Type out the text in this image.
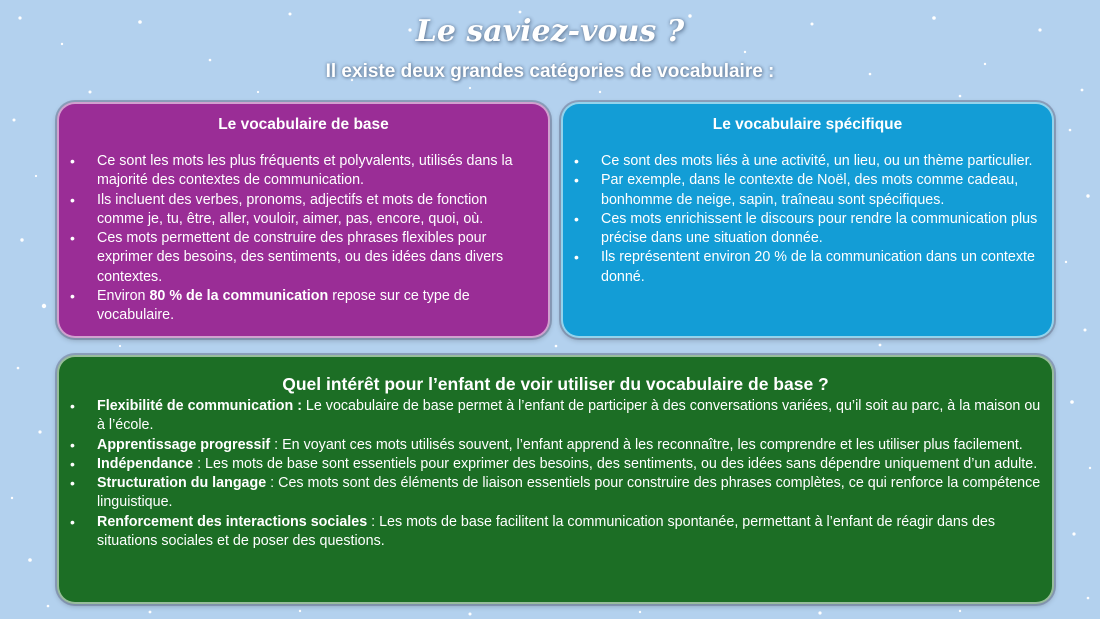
Le saviez-vous ?
Il existe deux grandes catégories de vocabulaire :
Le vocabulaire de base
• Ce sont les mots les plus fréquents et polyvalents, utilisés dans la majorité des contextes de communication.
• Ils incluent des verbes, pronoms, adjectifs et mots de fonction comme je, tu, être, aller, vouloir, aimer, pas, encore, quoi, où.
• Ces mots permettent de construire des phrases flexibles pour exprimer des besoins, des sentiments, ou des idées dans divers contextes.
• Environ 80 % de la communication repose sur ce type de vocabulaire.
Le vocabulaire spécifique
• Ce sont des mots liés à une activité, un lieu, ou un thème particulier.
• Par exemple, dans le contexte de Noël, des mots comme cadeau, bonhomme de neige, sapin, traîneau sont spécifiques.
• Ces mots enrichissent le discours pour rendre la communication plus précise dans une situation donnée.
• Ils représentent environ 20 % de la communication dans un contexte donné.
Quel intérêt pour l’enfant de voir utiliser du vocabulaire de base ?
• Flexibilité de communication : Le vocabulaire de base permet à l’enfant de participer à des conversations variées, qu’il soit au parc, à la maison ou à l’école.
• Apprentissage progressif : En voyant ces mots utilisés souvent, l’enfant apprend à les reconnaître, les comprendre et les utiliser plus facilement.
• Indépendance : Les mots de base sont essentiels pour exprimer des besoins, des sentiments, ou des idées sans dépendre uniquement d’un adulte.
• Structuration du langage : Ces mots sont des éléments de liaison essentiels pour construire des phrases complètes, ce qui renforce la compétence linguistique.
• Renforcement des interactions sociales : Les mots de base facilitent la communication spontanée, permettant à l’enfant de réagir dans des situations sociales et de poser des questions.
